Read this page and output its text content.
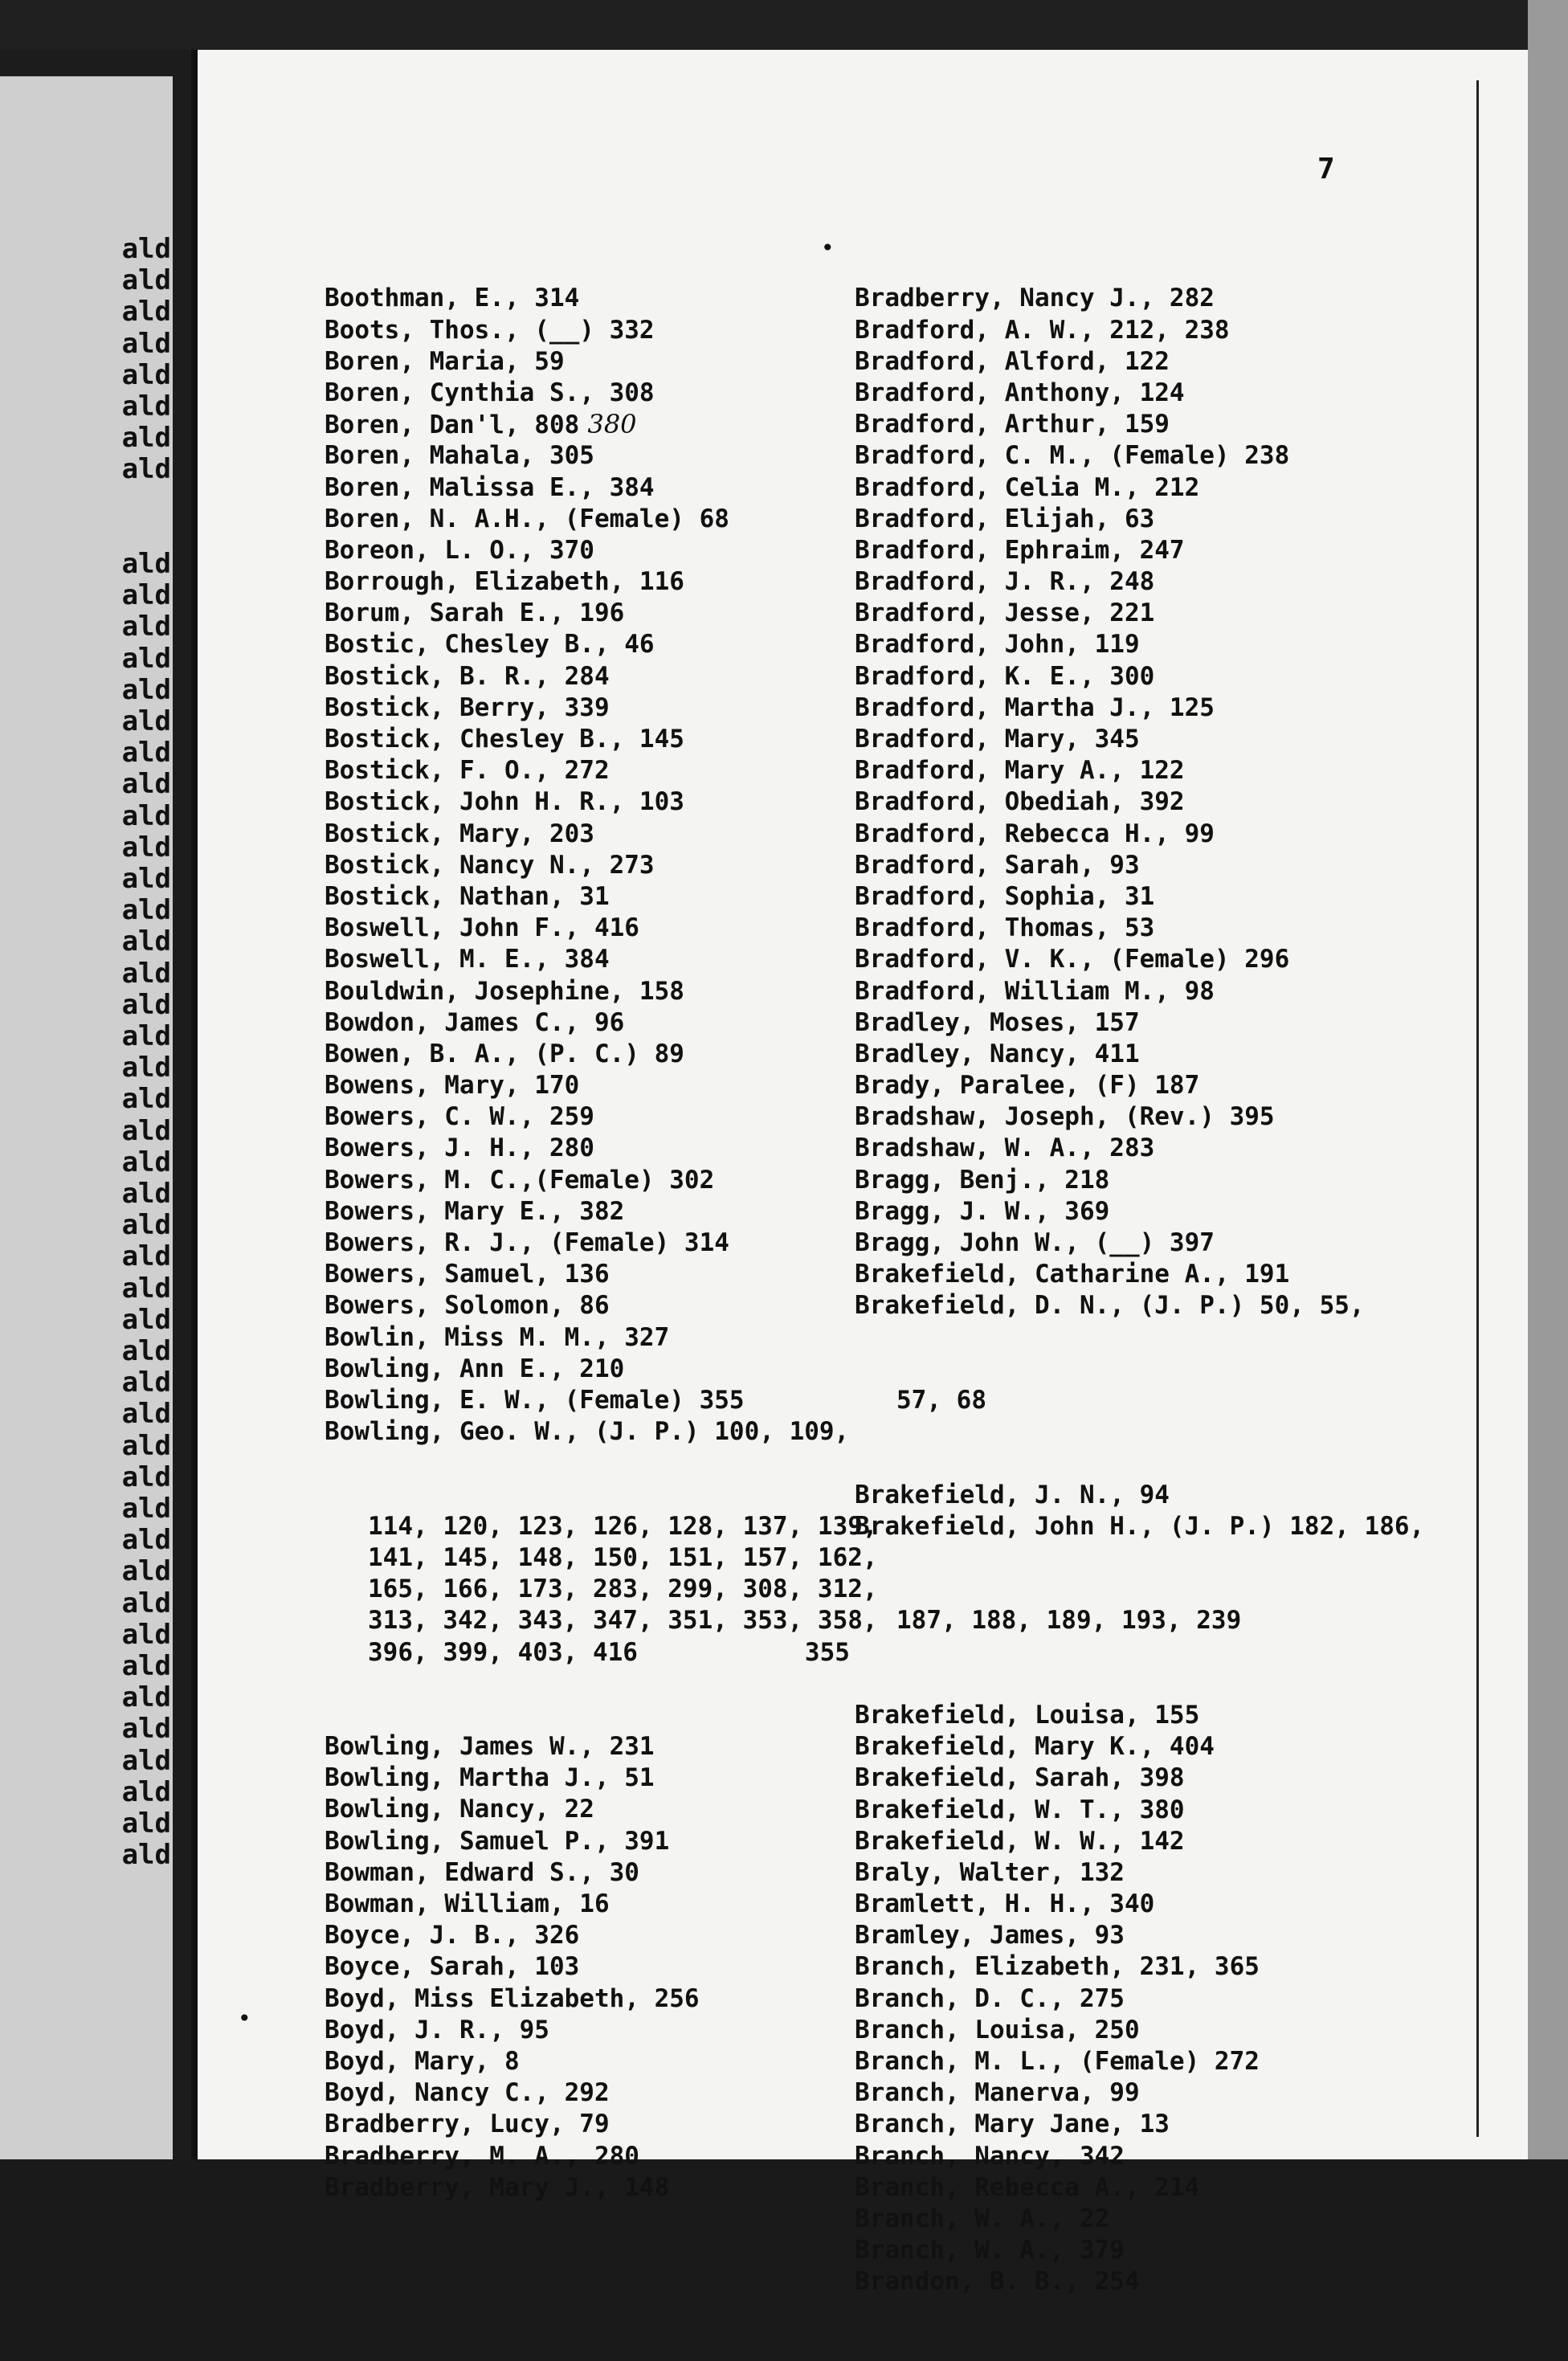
ald
ald
ald
ald
ald
ald
ald
ald
ald
ald
ald
ald
ald
ald
ald
ald
ald
ald
ald
ald
ald
ald
ald
ald
ald
ald
ald
ald
ald
ald
ald
ald
ald
ald
ald
ald
ald
ald
ald
ald
ald
ald
ald
ald
ald
ald
ald
ald
ald
ald
7

Boothman, E., 314
Boots, Thos., (__) 332
Boren, Maria, 59
Boren, Cynthia S., 308
Boren, Dan'l, 808 380
Boren, Mahala, 305
Boren, Malissa E., 384
Boren, N. A.H., (Female) 68
Boreon, L. O., 370
Borrough, Elizabeth, 116
Borum, Sarah E., 196
Bostic, Chesley B., 46
Bostick, B. R., 284
Bostick, Berry, 339
Bostick, Chesley B., 145
Bostick, F. O., 272
Bostick, John H. R., 103
Bostick, Mary, 203
Bostick, Nancy N., 273
Bostick, Nathan, 31
Boswell, John F., 416
Boswell, M. E., 384
Bouldwin, Josephine, 158
Bowdon, James C., 96
Bowen, B. A., (P. C.) 89
Bowens, Mary, 170
Bowers, C. W., 259
Bowers, J. H., 280
Bowers, M. C.,(Female) 302
Bowers, Mary E., 382
Bowers, R. J., (Female) 314
Bowers, Samuel, 136
Bowers, Solomon, 86
Bowlin, Miss M. M., 327
Bowling, Ann E., 210
Bowling, E. W., (Female) 355
Bowling, Geo. W., (J. P.) 100, 109,

114, 120, 123, 126, 128, 137, 139,
141, 145, 148, 150, 151, 157, 162,
165, 166, 173, 283, 299, 308, 312,
313, 342, 343, 347, 351, 353, 358,
396, 399, 403, 416         355

Bowling, James W., 231
Bowling, Martha J., 51
Bowling, Nancy, 22
Bowling, Samuel P., 391
Bowman, Edward S., 30
Bowman, William, 16
Boyce, J. B., 326
Boyce, Sarah, 103
Boyd, Miss Elizabeth, 256
Boyd, J. R., 95
Boyd, Mary, 8
Boyd, Nancy C., 292
Bradberry, Lucy, 79
Bradberry, M. A., 280
Bradberry, Mary J., 148

Bradberry, Nancy J., 282
Bradford, A. W., 212, 238
Bradford, Alford, 122
Bradford, Anthony, 124
Bradford, Arthur, 159
Bradford, C. M., (Female) 238
Bradford, Celia M., 212
Bradford, Elijah, 63
Bradford, Ephraim, 247
Bradford, J. R., 248
Bradford, Jesse, 221
Bradford, John, 119
Bradford, K. E., 300
Bradford, Martha J., 125
Bradford, Mary, 345
Bradford, Mary A., 122
Bradford, Obediah, 392
Bradford, Rebecca H., 99
Bradford, Sarah, 93
Bradford, Sophia, 31
Bradford, Thomas, 53
Bradford, V. K., (Female) 296
Bradford, William M., 98
Bradley, Moses, 157
Bradley, Nancy, 411
Brady, Paralee, (F) 187
Bradshaw, Joseph, (Rev.) 395
Bradshaw, W. A., 283
Bragg, Benj., 218
Bragg, J. W., 369
Bragg, John W., (__) 397
Brakefield, Catharine A., 191
Brakefield, D. N., (J. P.) 50, 55,

57, 68

Brakefield, J. N., 94
Brakefield, John H., (J. P.) 182, 186,

187, 188, 189, 193, 239

Brakefield, Louisa, 155
Brakefield, Mary K., 404
Brakefield, Sarah, 398
Brakefield, W. T., 380
Brakefield, W. W., 142
Braly, Walter, 132
Bramlett, H. H., 340
Bramley, James, 93
Branch, Elizabeth, 231, 365
Branch, D. C., 275
Branch, Louisa, 250
Branch, M. L., (Female) 272
Branch, Manerva, 99
Branch, Mary Jane, 13
Branch, Nancy, 342
Branch, Rebecca A., 214
Branch, W. A., 22
Branch, W. A., 379
Brandon, B. B., 254

•
•
